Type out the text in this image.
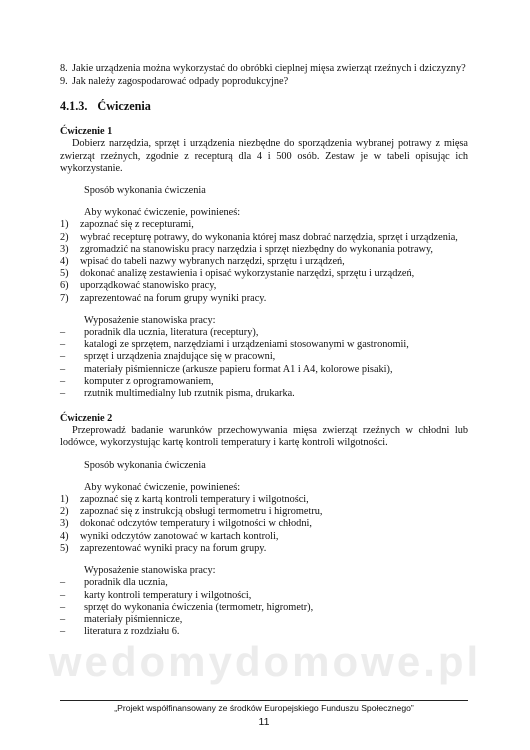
wedomydomowe.pl
8. Jakie urządzenia można wykorzystać do obróbki cieplnej mięsa zwierząt rzeźnych i dziczyzny?
9. Jak należy zagospodarować odpady poprodukcyjne?
4.1.3. Ćwiczenia
Ćwiczenie 1

Dobierz narzędzia, sprzęt i urządzenia niezbędne do sporządzenia wybranej potrawy z mięsa zwierząt rzeźnych, zgodnie z recepturą dla 4 i 500 osób. Zestaw je w tabeli opisując ich wykorzystanie.

Sposób wykonania ćwiczenia

Aby wykonać ćwiczenie, powinieneś:

1)	zapoznać się z recepturami,
2)	wybrać recepturę potrawy, do wykonania której masz dobrać narzędzia, sprzęt i urządzenia,
3)	zgromadzić na stanowisku pracy narzędzia i sprzęt niezbędny do wykonania potrawy,
4)	wpisać do tabeli nazwy wybranych narzędzi, sprzętu i urządzeń,
5)	dokonać analizę zestawienia i opisać wykorzystanie narzędzi, sprzętu i urządzeń,
6)	uporządkować stanowisko pracy,
7)	zaprezentować na forum grupy wyniki pracy.

Wyposażenie stanowiska pracy:

–	poradnik dla ucznia, literatura (receptury),
–	katalogi ze sprzętem, narzędziami i urządzeniami stosowanymi w gastronomii,
–	sprzęt i urządzenia znajdujące się w pracowni,
–	materiały piśmiennicze (arkusze papieru format A1 i A4, kolorowe pisaki),
–	komputer z oprogramowaniem,
–	rzutnik multimedialny lub rzutnik pisma, drukarka.
Ćwiczenie 2

Przeprowadź badanie warunków przechowywania mięsa zwierząt rzeźnych w chłodni lub lodówce, wykorzystując kartę kontroli temperatury i kartę kontroli wilgotności.

Sposób wykonania ćwiczenia

Aby wykonać ćwiczenie, powinieneś:

1)	zapoznać się z kartą kontroli temperatury i wilgotności,
2)	zapoznać się z instrukcją obsługi termometru i higrometru,
3)	dokonać odczytów temperatury i wilgotności w chłodni,
4)	wyniki odczytów zanotować w kartach kontroli,
5)	zaprezentować wyniki pracy na forum grupy.

Wyposażenie stanowiska pracy:

–	poradnik dla ucznia,
–	karty kontroli temperatury i wilgotności,
–	sprzęt do wykonania ćwiczenia (termometr, higrometr),
–	materiały piśmiennicze,
–	literatura z rozdziału 6.
„Projekt współfinansowany ze środków Europejskiego Funduszu Społecznego”
11
